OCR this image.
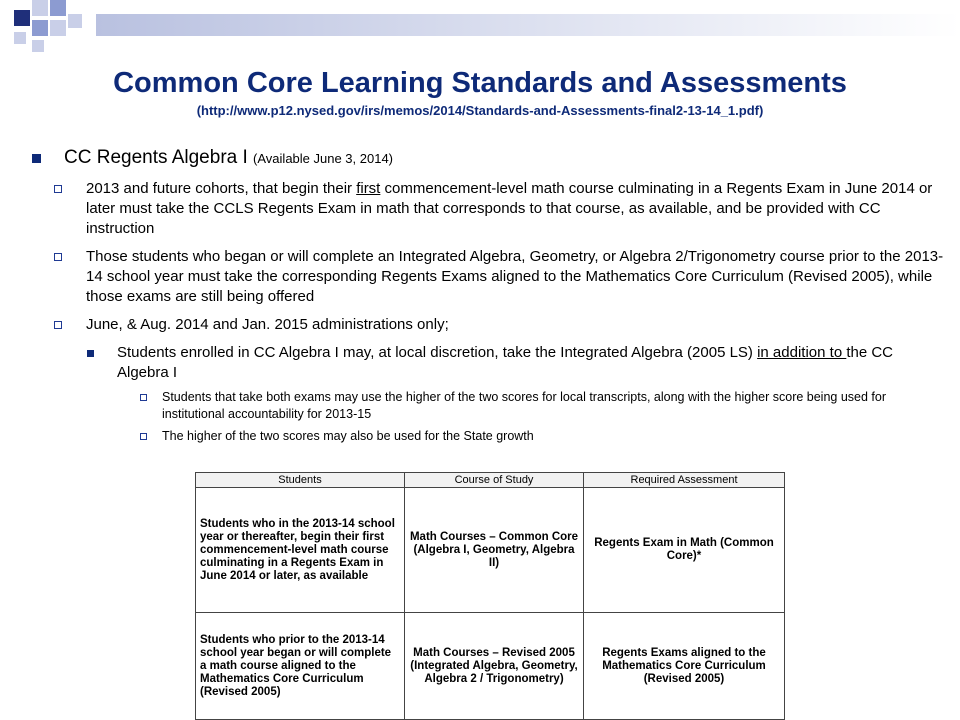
Common Core Learning Standards and Assessments
(http://www.p12.nysed.gov/irs/memos/2014/Standards-and-Assessments-final2-13-14_1.pdf)
CC Regents Algebra I (Available June 3, 2014)
2013 and future cohorts, that begin their first commencement-level math course culminating in a Regents Exam in June 2014 or later must take the CCLS Regents Exam in math that corresponds to that course, as available, and be provided with CC instruction
Those students who began or will complete an Integrated Algebra, Geometry, or Algebra 2/Trigonometry course prior to the 2013-14 school year must take the corresponding Regents Exams aligned to the Mathematics Core Curriculum (Revised 2005), while those exams are still being offered
June, & Aug. 2014 and Jan. 2015 administrations only;
Students enrolled in CC Algebra I may, at local discretion, take the Integrated Algebra (2005 LS) in addition to the CC Algebra I
Students that take both exams may use the higher of the two scores for local transcripts, along with the higher score being used for institutional accountability for 2013-15
The higher of the two scores may also be used for the State growth
Students	Course of Study	Required Assessment
Students who in the 2013-14 school year or thereafter, begin their first commencement-level math course culminating in a Regents Exam in June 2014 or later, as available	Math Courses – Common Core (Algebra I, Geometry, Algebra II)	Regents Exam in Math (Common Core)*
Students who prior to the 2013-14 school year began or will complete a math course aligned to the Mathematics Core Curriculum (Revised 2005)	Math Courses – Revised 2005 (Integrated Algebra, Geometry, Algebra 2 / Trigonometry)	Regents Exams aligned to the Mathematics Core Curriculum (Revised 2005)
